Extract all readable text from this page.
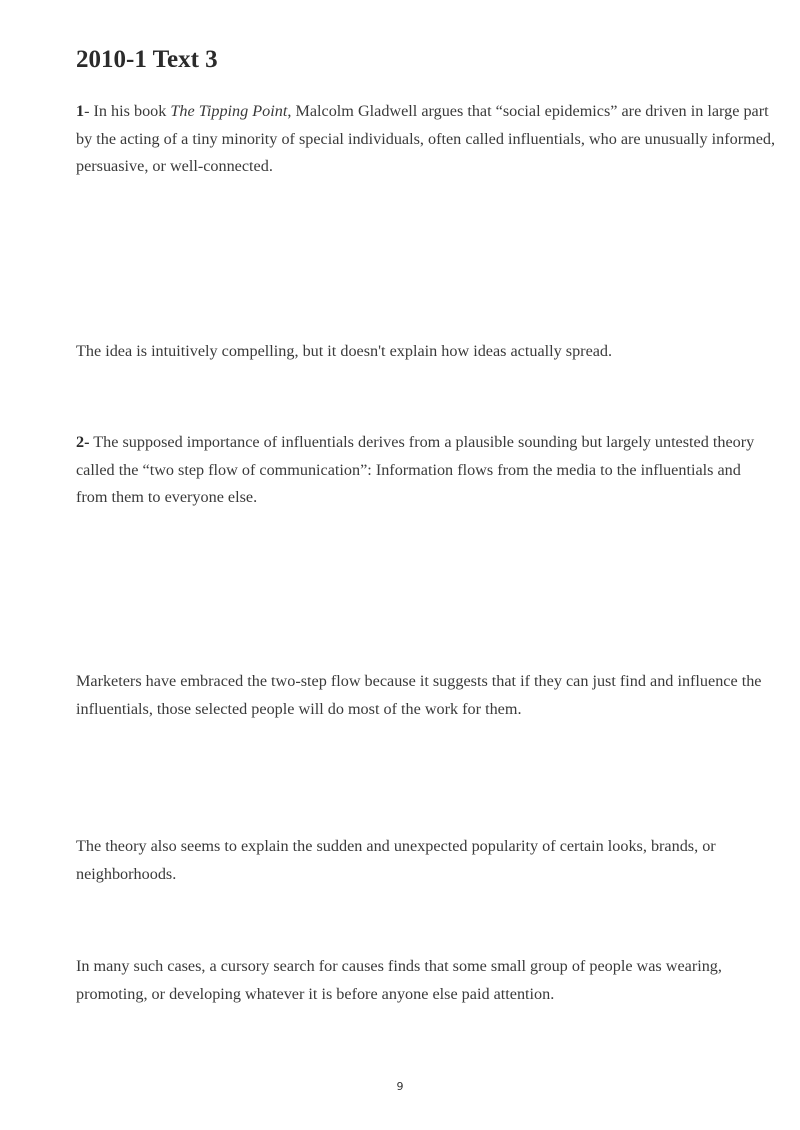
2010-1 Text 3

1- In his book The Tipping Point, Malcolm Gladwell argues that “social epidemics” are driven in large part by the acting of a tiny minority of special individuals, often called influentials, who are unusually informed, persuasive, or well-connected.

The idea is intuitively compelling, but it doesn't explain how ideas actually spread.

2- The supposed importance of influentials derives from a plausible sounding but largely untested theory called the “two step flow of communication”: Information flows from the media to the influentials and from them to everyone else.

Marketers have embraced the two-step flow because it suggests that if they can just find and influence the influentials, those selected people will do most of the work for them.

The theory also seems to explain the sudden and unexpected popularity of certain looks, brands, or neighborhoods.

In many such cases, a cursory search for causes finds that some small group of people was wearing, promoting, or developing whatever it is before anyone else paid attention.

9
